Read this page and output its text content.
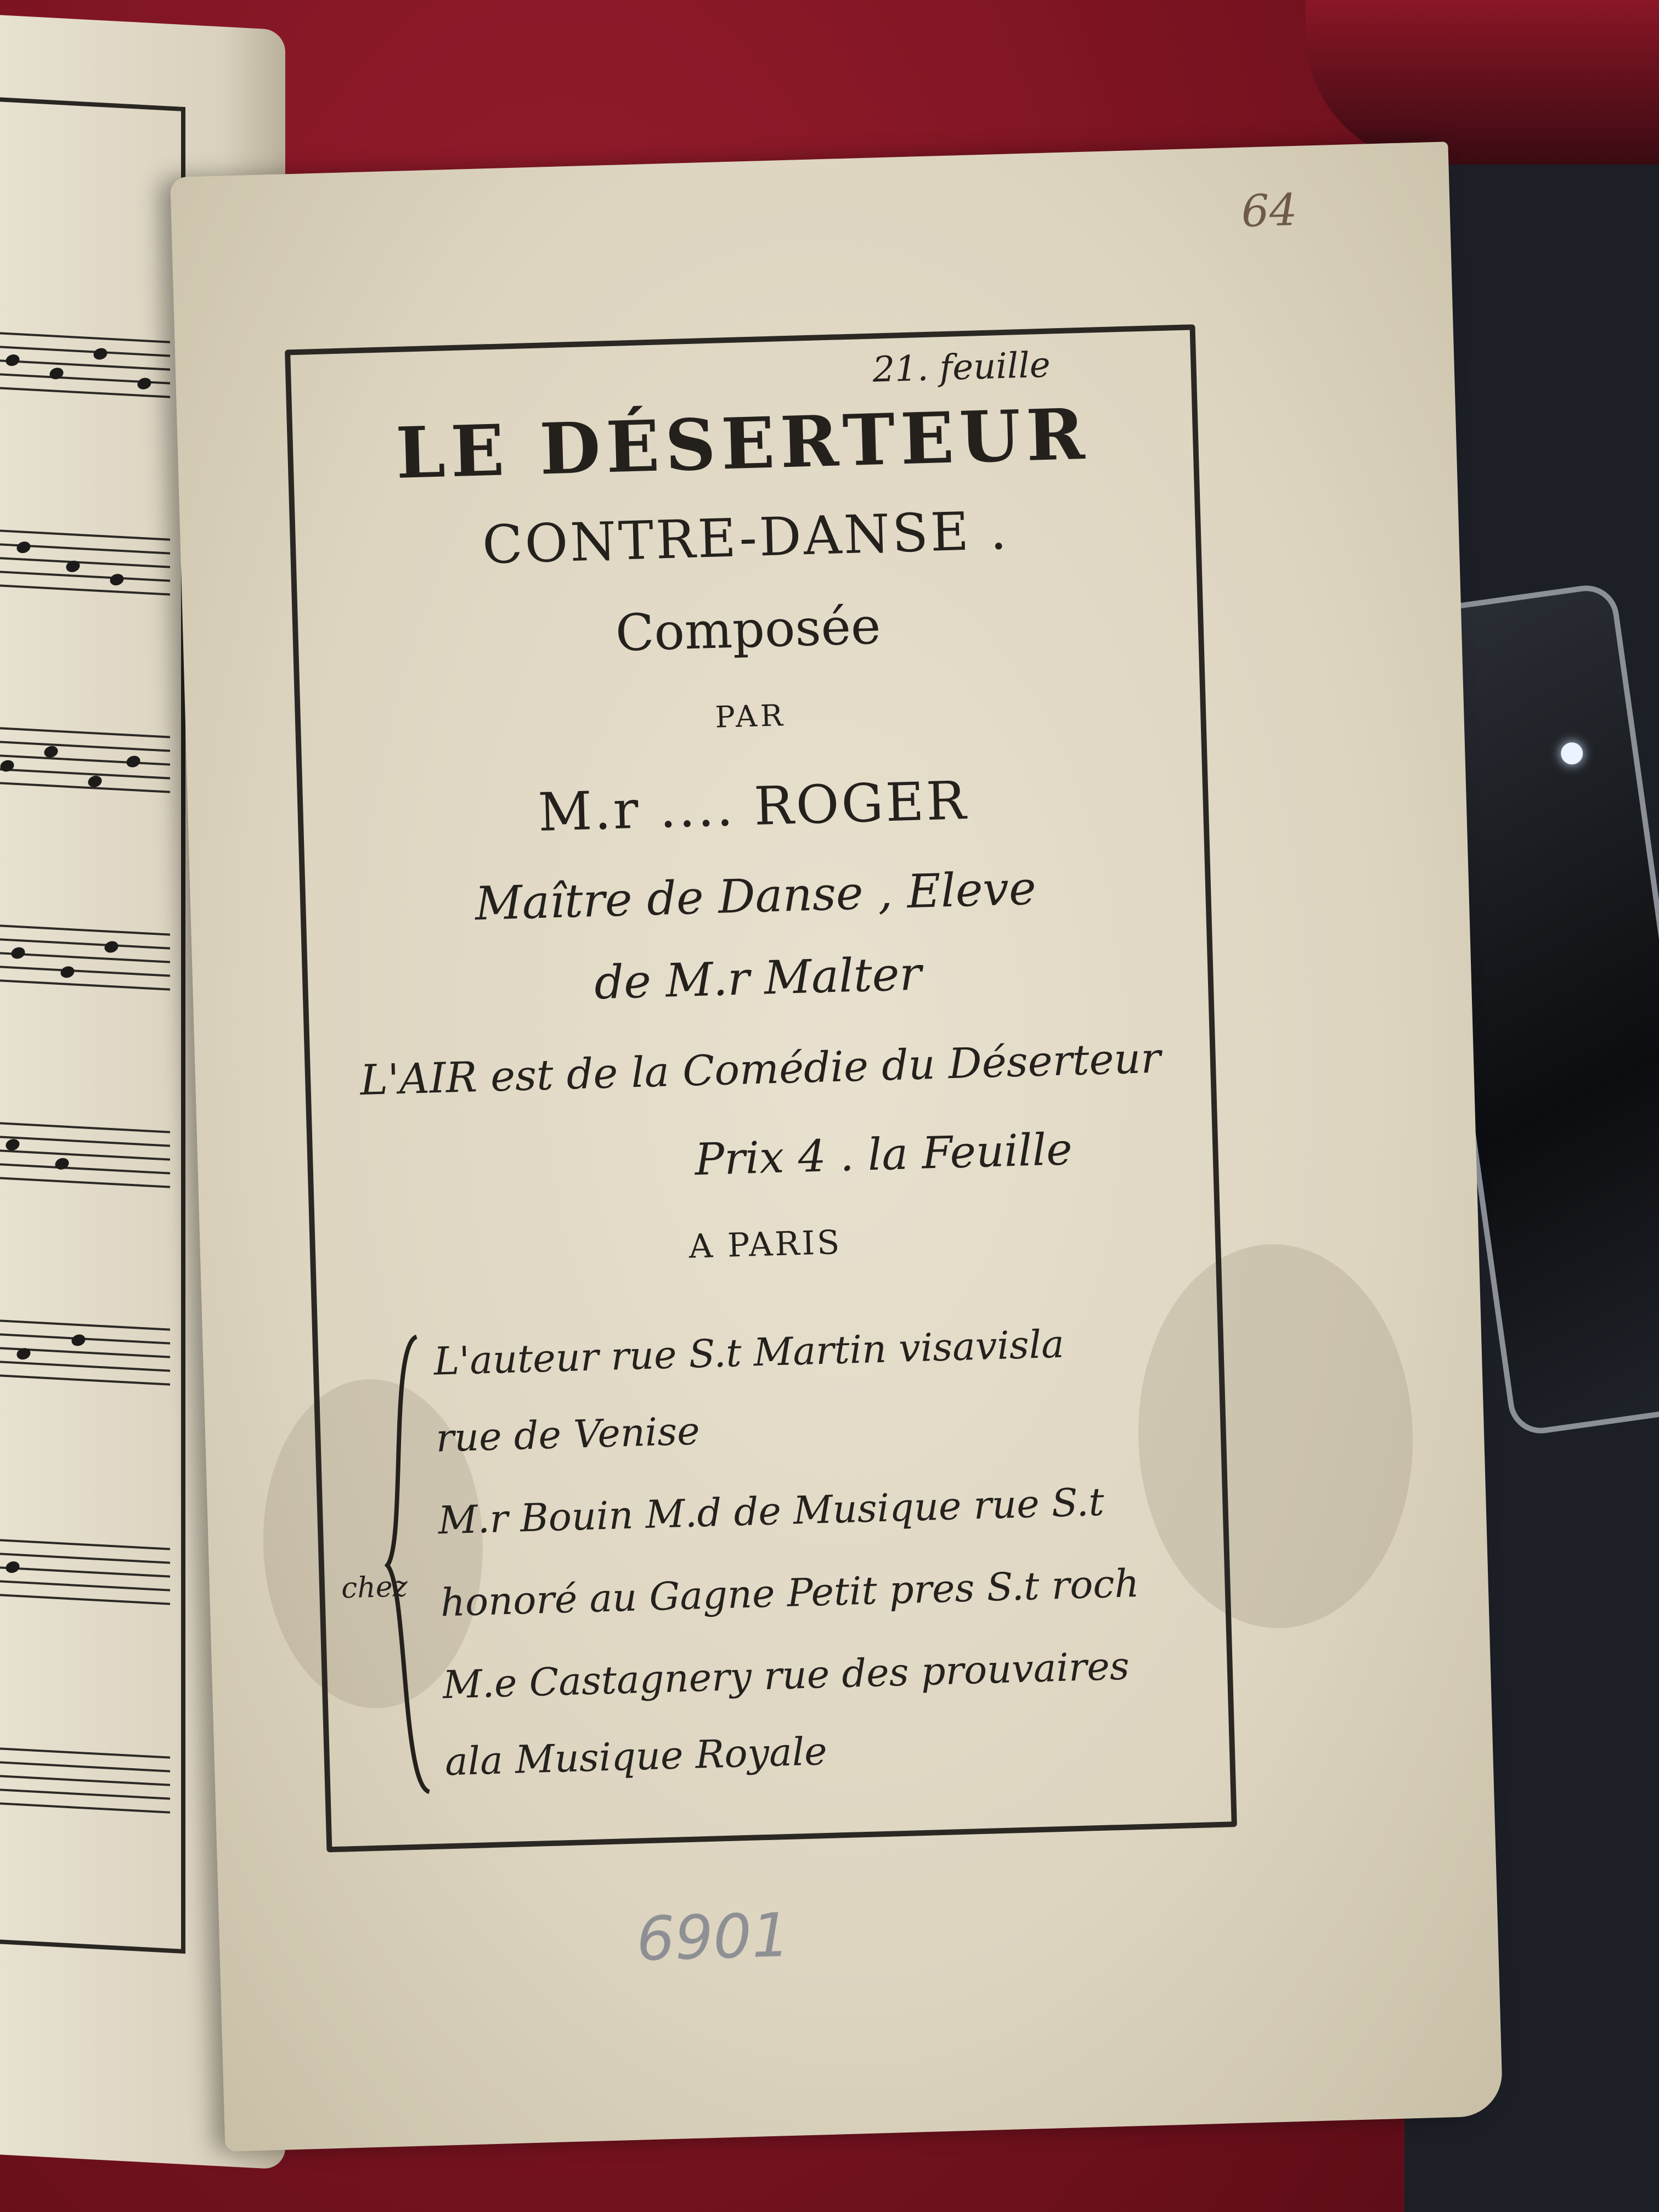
64
21. feuille
LE DÉSERTEUR
CONTRE-DANSE .
Composée
PAR
M.r .... ROGER
Maître de Danse , Eleve
de M.r Malter
L'AIR est de la Comédie du Déserteur
Prix 4 . la Feuille
A PARIS
chez
L'auteur rue S.t Martin visavisla
rue de Venise
M.r Bouin M.d de Musique rue S.t
honoré au Gagne Petit pres S.t roch
M.e Castagnery rue des prouvaires
ala Musique Royale
6901
